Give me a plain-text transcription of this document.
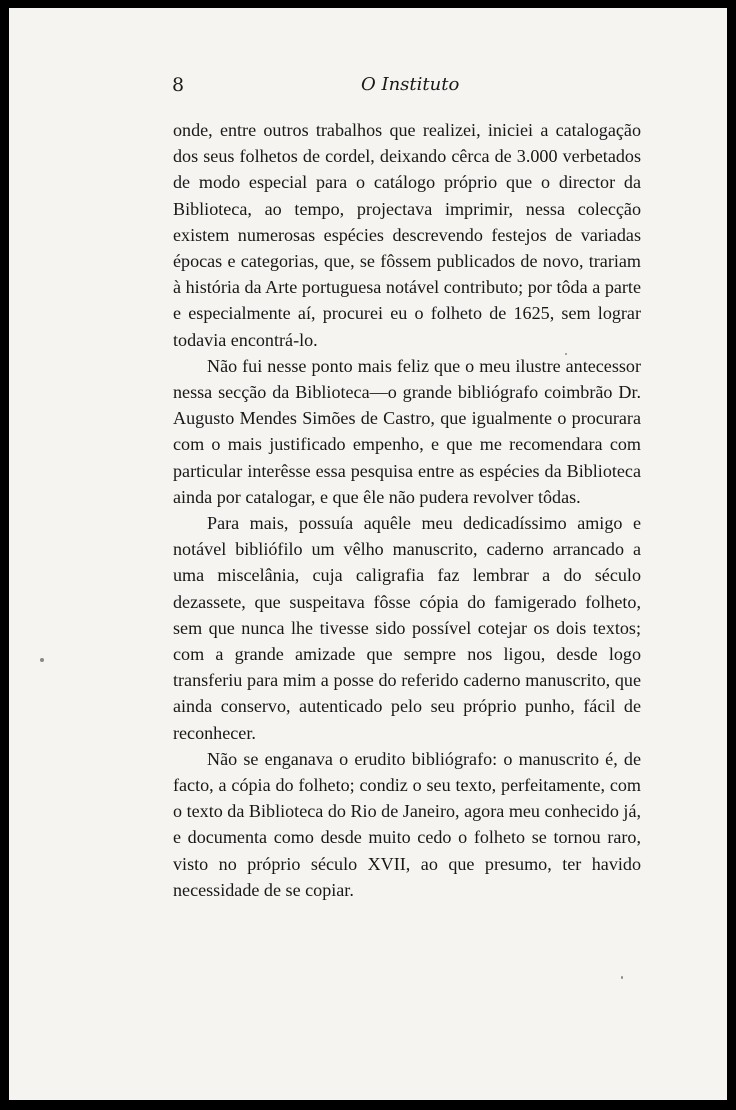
8	O Instituto

onde, entre outros trabalhos que realizei, iniciei a catalogação dos seus folhetos de cordel, deixando cêrca de 3.000 verbetados de modo especial para o catálogo próprio que o director da Biblioteca, ao tempo, projectava imprimir, nessa colecção existem numerosas espécies descrevendo festejos de variadas épocas e categorias, que, se fôssem publicados de novo, trariam à história da Arte portuguesa notável contributo; por tôda a parte e especialmente aí, procurei eu o folheto de 1625, sem lograr todavia encontrá-lo.

Não fui nesse ponto mais feliz que o meu ilustre antecessor nessa secção da Biblioteca—o grande bibliógrafo coimbrão Dr. Augusto Mendes Simões de Castro, que igualmente o procurara com o mais justificado empenho, e que me recomendara com particular interêsse essa pesquisa entre as espécies da Biblioteca ainda por catalogar, e que êle não pudera revolver tôdas.

Para mais, possuía aquêle meu dedicadíssimo amigo e notável bibliófilo um vêlho manuscrito, caderno arrancado a uma miscelânia, cuja caligrafia faz lembrar a do século dezassete, que suspeitava fôsse cópia do famigerado folheto, sem que nunca lhe tivesse sido possível cotejar os dois textos; com a grande amizade que sempre nos ligou, desde logo transferiu para mim a posse do referido caderno manuscrito, que ainda conservo, autenticado pelo seu próprio punho, fácil de reconhecer.

Não se enganava o erudito bibliógrafo: o manuscrito é, de facto, a cópia do folheto; condiz o seu texto, perfeitamente, com o texto da Biblioteca do Rio de Janeiro, agora meu conhecido já, e documenta como desde muito cedo o folheto se tornou raro, visto no próprio século XVII, ao que presumo, ter havido necessidade de se copiar.
